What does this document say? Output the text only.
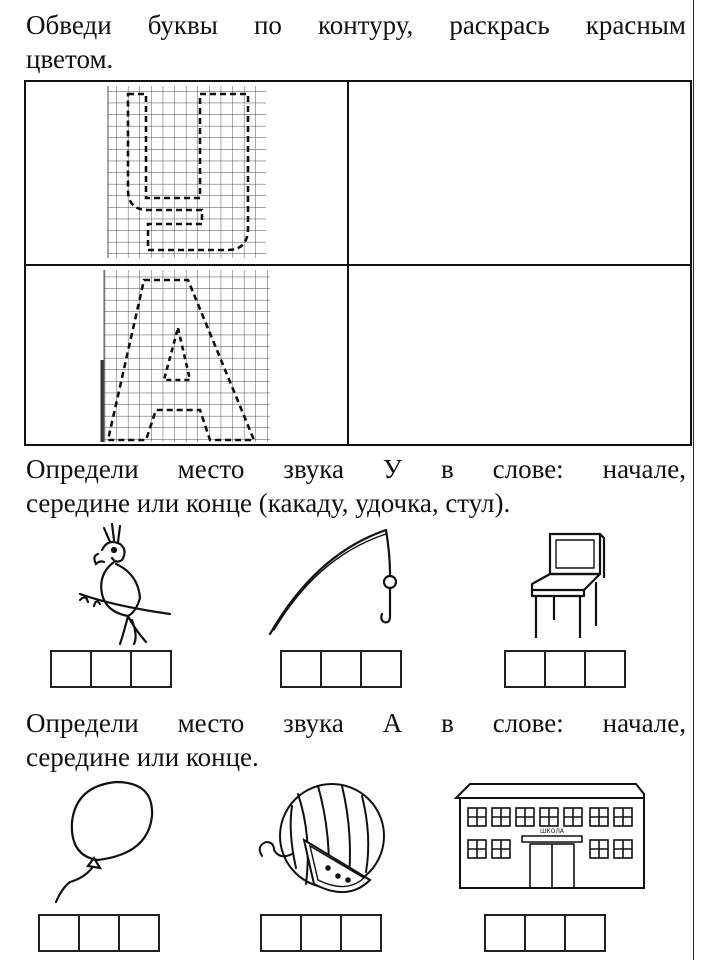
Обведи буквы по контуру, раскрась красным
цветом.

Определи место звука У в слове: начале,
середине или конце (какаду, удочка, стул).

Определи место звука А в слове: начале,
середине или конце.

ШКОЛА
